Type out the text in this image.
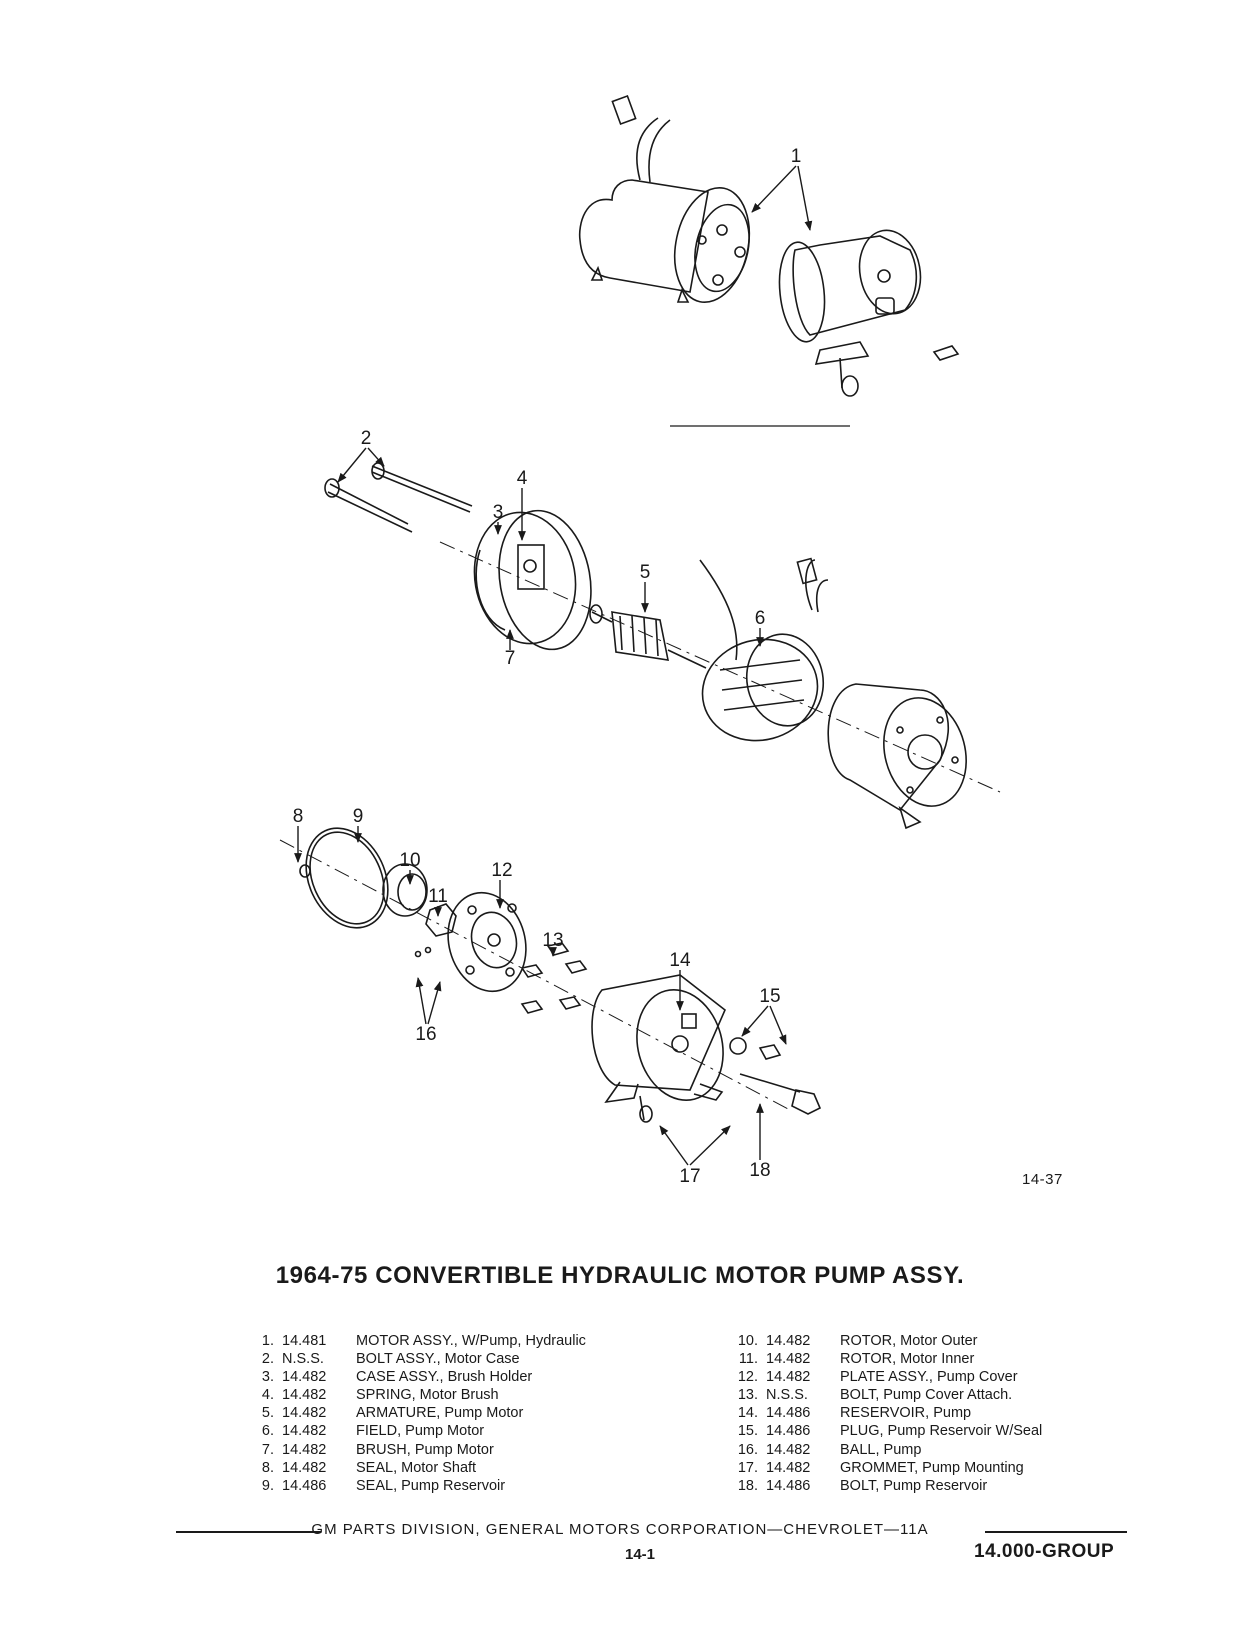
1
2
3
4
5
6
7
8	9
10
11
12
13
14
15
16
17	18	14-37
1964-75 CONVERTIBLE HYDRAULIC MOTOR PUMP ASSY.
1. 14.481	MOTOR ASSY., W/Pump, Hydraulic
2. N.S.S.	BOLT ASSY., Motor Case
3. 14.482	CASE ASSY., Brush Holder
4. 14.482	SPRING, Motor Brush
5. 14.482	ARMATURE, Pump Motor
6. 14.482	FIELD, Pump Motor
7. 14.482	BRUSH, Pump Motor
8. 14.482	SEAL, Motor Shaft
9. 14.486	SEAL, Pump Reservoir
10. 14.482	ROTOR, Motor Outer
11. 14.482	ROTOR, Motor Inner
12. 14.482	PLATE ASSY., Pump Cover
13. N.S.S.	BOLT, Pump Cover Attach.
14. 14.486	RESERVOIR, Pump
15. 14.486	PLUG, Pump Reservoir W/Seal
16. 14.482	BALL, Pump
17. 14.482	GROMMET, Pump Mounting
18. 14.486	BOLT, Pump Reservoir
GM PARTS DIVISION, GENERAL MOTORS CORPORATION—CHEVROLET—11A
14-1	14.000-GROUP
